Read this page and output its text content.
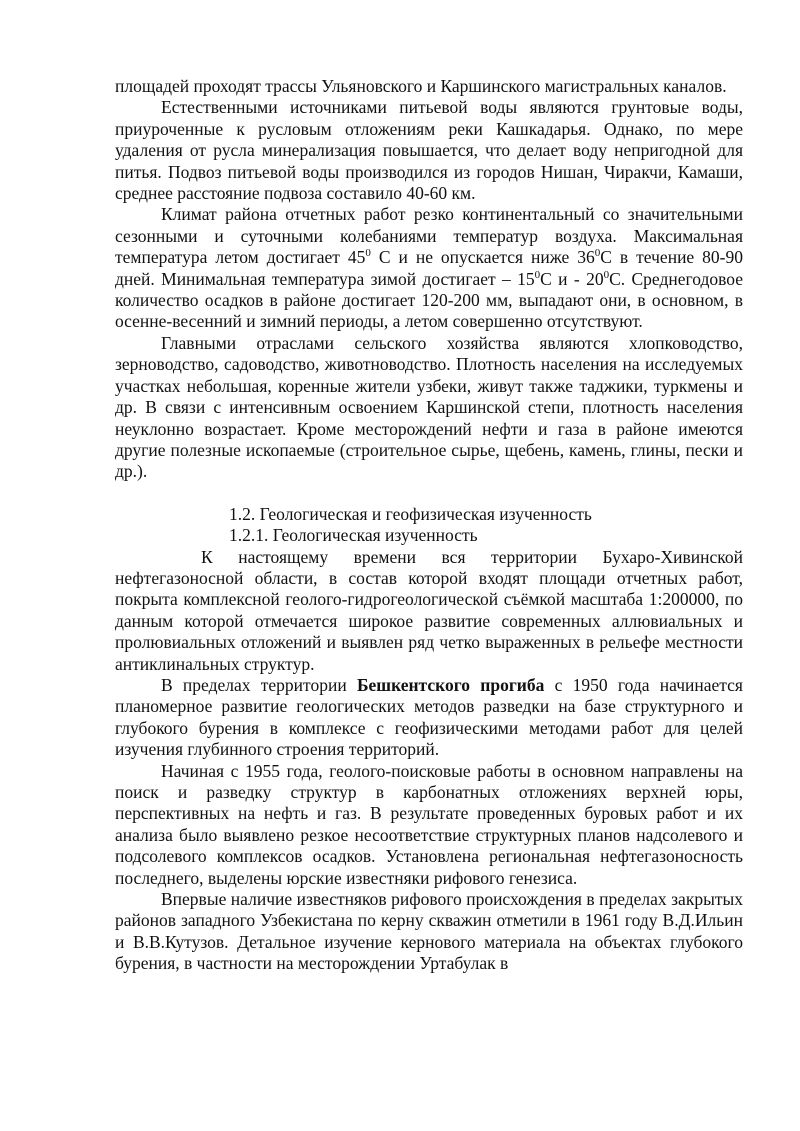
площадей проходят трассы Ульяновского и Каршинского магистральных каналов.

Естественными источниками питьевой воды являются грунтовые воды, приуроченные к русловым отложениям реки Кашкадарья. Однако, по мере удаления от русла минерализация повышается, что делает воду непригодной для питья. Подвоз питьевой воды производился из городов Нишан, Чиракчи, Камаши, среднее расстояние подвоза составило 40-60 км.

Климат района отчетных работ резко континентальный со значительными сезонными и суточными колебаниями температур воздуха. Максимальная температура летом достигает $45^0$ С и не опускается ниже $36^0С$ в течение 80-90 дней. Минимальная температура зимой достигает – $15^0С$ и - $20^0С$. Среднегодовое количество осадков в районе достигает 120-200 мм, выпадают они, в основном, в осенне-весенний и зимний периоды, а летом совершенно отсутствуют.

Главными отраслами сельского хозяйства являются хлопководство, зерноводство, садоводство, животноводство. Плотность населения на исследуемых участках небольшая, коренные жители узбеки, живут также таджики, туркмены и др. В связи с интенсивным освоением Каршинской степи, плотность населения неуклонно возрастает. Кроме месторождений нефти и газа в районе имеются другие полезные ископаемые (строительное сырье, щебень, камень, глины, пески и др.).

1.2. Геологическая и геофизическая изученность

1.2.1. Геологическая изученность

К настоящему времени вся территории Бухаро-Хивинской нефтегазоносной области, в состав которой входят площади отчетных работ, покрыта комплексной геолого-гидрогеологической съёмкой масштаба 1:200000, по данным которой отмечается широкое развитие современных аллювиальных и пролювиальных отложений и выявлен ряд четко выраженных в рельефе местности антиклинальных структур.

В пределах территории Бешкентского прогиба с 1950 года начинается планомерное развитие геологических методов разведки на базе структурного и глубокого бурения в комплексе с геофизическими методами работ для целей изучения глубинного строения территорий.

Начиная с 1955 года, геолого-поисковые работы в основном направлены на поиск и разведку структур в карбонатных отложениях верхней юры, перспективных на нефть и газ. В результате проведенных буровых работ и их анализа было выявлено резкое несоответствие структурных планов надсолевого и подсолевого комплексов осадков. Установлена региональная нефтегазоносность последнего, выделены юрские известняки рифового генезиса.

Впервые наличие известняков рифового происхождения в пределах закрытых районов западного Узбекистана по керну скважин отметили в 1961 году В.Д.Ильин и В.В.Кутузов. Детальное изучение кернового материала на объектах глубокого бурения, в частности на месторождении Уртабулак в
